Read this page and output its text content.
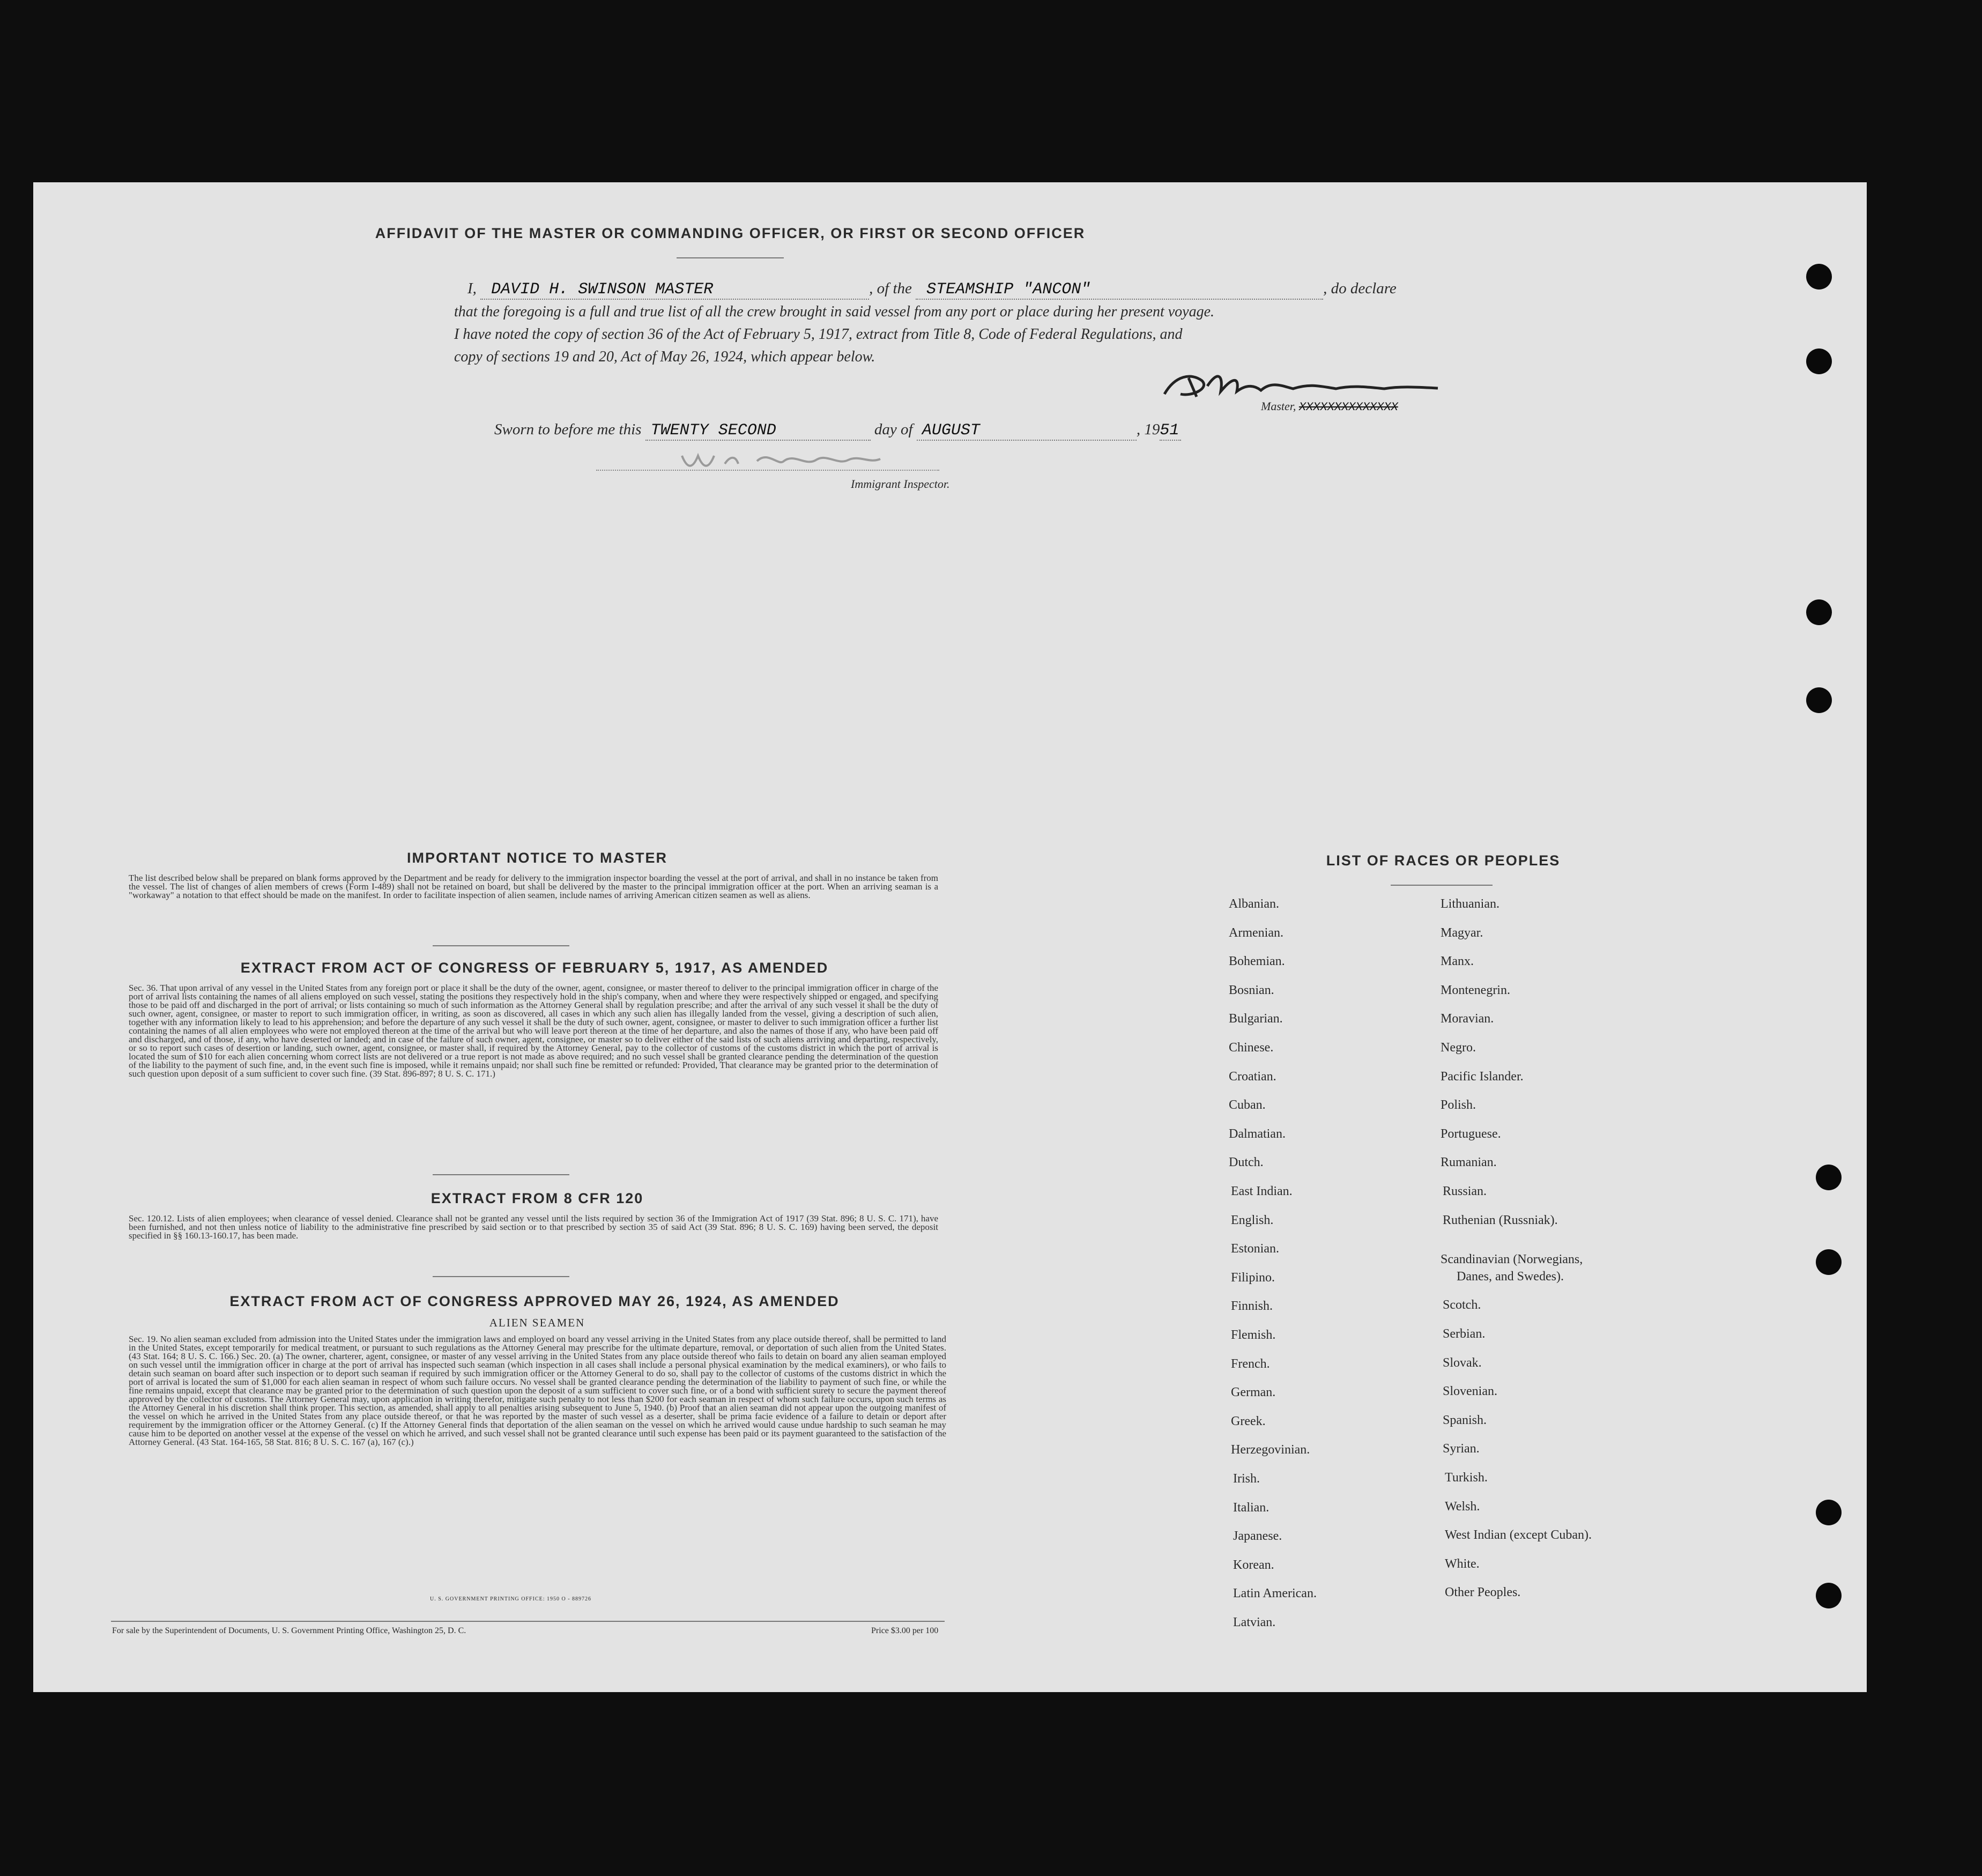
AFFIDAVIT OF THE MASTER OR COMMANDING OFFICER, OR FIRST OR SECOND OFFICER
I, DAVID H. SWINSON MASTER	, of the STEAMSHIP "ANCON"	, do declare
that the foregoing is a full and true list of all the crew brought in said vessel from any port or place during her present voyage.
I have noted the copy of section 36 of the Act of February 5, 1917, extract from Title 8, Code of Federal Regulations, and
copy of sections 19 and 20, Act of May 26, 1924, which appear below.
Master, XXXXXXXXXXXXXX
Sworn to before me this TWENTY SECOND	day of AUGUST	, 1951
Immigrant Inspector.
IMPORTANT NOTICE TO MASTER
The list described below shall be prepared on blank forms approved by the Department and be ready for delivery to the immigration inspector boarding the vessel at the port of arrival, and shall in no instance be taken from the vessel. The list of changes of alien members of crews (Form I-489) shall not be retained on board, but shall be delivered by the master to the principal immigration officer at the port. When an arriving seaman is a "workaway" a notation to that effect should be made on the manifest. In order to facilitate inspection of alien seamen, include names of arriving American citizen seamen as well as aliens.
EXTRACT FROM ACT OF CONGRESS OF FEBRUARY 5, 1917, AS AMENDED
Sec. 36. That upon arrival of any vessel in the United States from any foreign port or place it shall be the duty of the owner, agent, consignee, or master thereof to deliver to the principal immigration officer in charge of the port of arrival lists containing the names of all aliens employed on such vessel, stating the positions they respectively hold in the ship's company, when and where they were respectively shipped or engaged, and specifying those to be paid off and discharged in the port of arrival; or lists containing so much of such information as the Attorney General shall by regulation prescribe; and after the arrival of any such vessel it shall be the duty of such owner, agent, consignee, or master to report to such immigration officer, in writing, as soon as discovered, all cases in which any such alien has illegally landed from the vessel, giving a description of such alien, together with any information likely to lead to his apprehension; and before the departure of any such vessel it shall be the duty of such owner, agent, consignee, or master to deliver to such immigration officer a further list containing the names of all alien employees who were not employed thereon at the time of the arrival but who will leave port thereon at the time of her departure, and also the names of those if any, who have been paid off and discharged, and of those, if any, who have deserted or landed; and in case of the failure of such owner, agent, consignee, or master so to deliver either of the said lists of such aliens arriving and departing, respectively, or so to report such cases of desertion or landing, such owner, agent, consignee, or master shall, if required by the Attorney General, pay to the collector of customs of the customs district in which the port of arrival is located the sum of $10 for each alien concerning whom correct lists are not delivered or a true report is not made as above required; and no such vessel shall be granted clearance pending the determination of the question of the liability to the payment of such fine, and, in the event such fine is imposed, while it remains unpaid; nor shall such fine be remitted or refunded: Provided, That clearance may be granted prior to the determination of such question upon deposit of a sum sufficient to cover such fine. (39 Stat. 896-897; 8 U. S. C. 171.)
EXTRACT FROM 8 CFR 120
Sec. 120.12. Lists of alien employees; when clearance of vessel denied. Clearance shall not be granted any vessel until the lists required by section 36 of the Immigration Act of 1917 (39 Stat. 896; 8 U. S. C. 171), have been furnished, and not then unless notice of liability to the administrative fine prescribed by said section or to that prescribed by section 35 of said Act (39 Stat. 896; 8 U. S. C. 169) having been served, the deposit specified in §§ 160.13-160.17, has been made.
EXTRACT FROM ACT OF CONGRESS APPROVED MAY 26, 1924, AS AMENDED
ALIEN SEAMEN
Sec. 19. No alien seaman excluded from admission into the United States under the immigration laws and employed on board any vessel arriving in the United States from any place outside thereof, shall be permitted to land in the United States, except temporarily for medical treatment, or pursuant to such regulations as the Attorney General may prescribe for the ultimate departure, removal, or deportation of such alien from the United States. (43 Stat. 164; 8 U. S. C. 166.) Sec. 20. (a) The owner, charterer, agent, consignee, or master of any vessel arriving in the United States from any place outside thereof who fails to detain on board any alien seaman employed on such vessel until the immigration officer in charge at the port of arrival has inspected such seaman (which inspection in all cases shall include a personal physical examination by the medical examiners), or who fails to detain such seaman on board after such inspection or to deport such seaman if required by such immigration officer or the Attorney General to do so, shall pay to the collector of customs of the customs district in which the port of arrival is located the sum of $1,000 for each alien seaman in respect of whom such failure occurs. No vessel shall be granted clearance pending the determination of the liability to payment of such fine, or while the fine remains unpaid, except that clearance may be granted prior to the determination of such question upon the deposit of a sum sufficient to cover such fine, or of a bond with sufficient surety to secure the payment thereof approved by the collector of customs. The Attorney General may, upon application in writing therefor, mitigate such penalty to not less than $200 for each seaman in respect of whom such failure occurs, upon such terms as the Attorney General in his discretion shall think proper. This section, as amended, shall apply to all penalties arising subsequent to June 5, 1940. (b) Proof that an alien seaman did not appear upon the outgoing manifest of the vessel on which he arrived in the United States from any place outside thereof, or that he was reported by the master of such vessel as a deserter, shall be prima facie evidence of a failure to detain or deport after requirement by the immigration officer or the Attorney General. (c) If the Attorney General finds that deportation of the alien seaman on the vessel on which he arrived would cause undue hardship to such seaman he may cause him to be deported on another vessel at the expense of the vessel on which he arrived, and such vessel shall not be granted clearance until such expense has been paid or its payment guaranteed to the satisfaction of the Attorney General. (43 Stat. 164-165, 58 Stat. 816; 8 U. S. C. 167 (a), 167 (c).)
U. S. GOVERNMENT PRINTING OFFICE: 1950 O - 889726
For sale by the Superintendent of Documents, U. S. Government Printing Office, Washington 25, D. C.	Price $3.00 per 100
LIST OF RACES OR PEOPLES
Albanian.
Armenian.
Bohemian.
Bosnian.
Bulgarian.
Chinese.
Croatian.
Cuban.
Dalmatian.
Dutch.
East Indian.
English.
Estonian.
Filipino.
Finnish.
Flemish.
French.
German.
Greek.
Herzegovinian.
Irish.
Italian.
Japanese.
Korean.
Latin American.
Latvian.
Lithuanian.
Magyar.
Manx.
Montenegrin.
Moravian.
Negro.
Pacific Islander.
Polish.
Portuguese.
Rumanian.
Russian.
Ruthenian (Russniak).
Scandinavian (Norwegians,
Danes, and Swedes).
Scotch.
Serbian.
Slovak.
Slovenian.
Spanish.
Syrian.
Turkish.
Welsh.
West Indian (except Cuban).
White.
Other Peoples.
